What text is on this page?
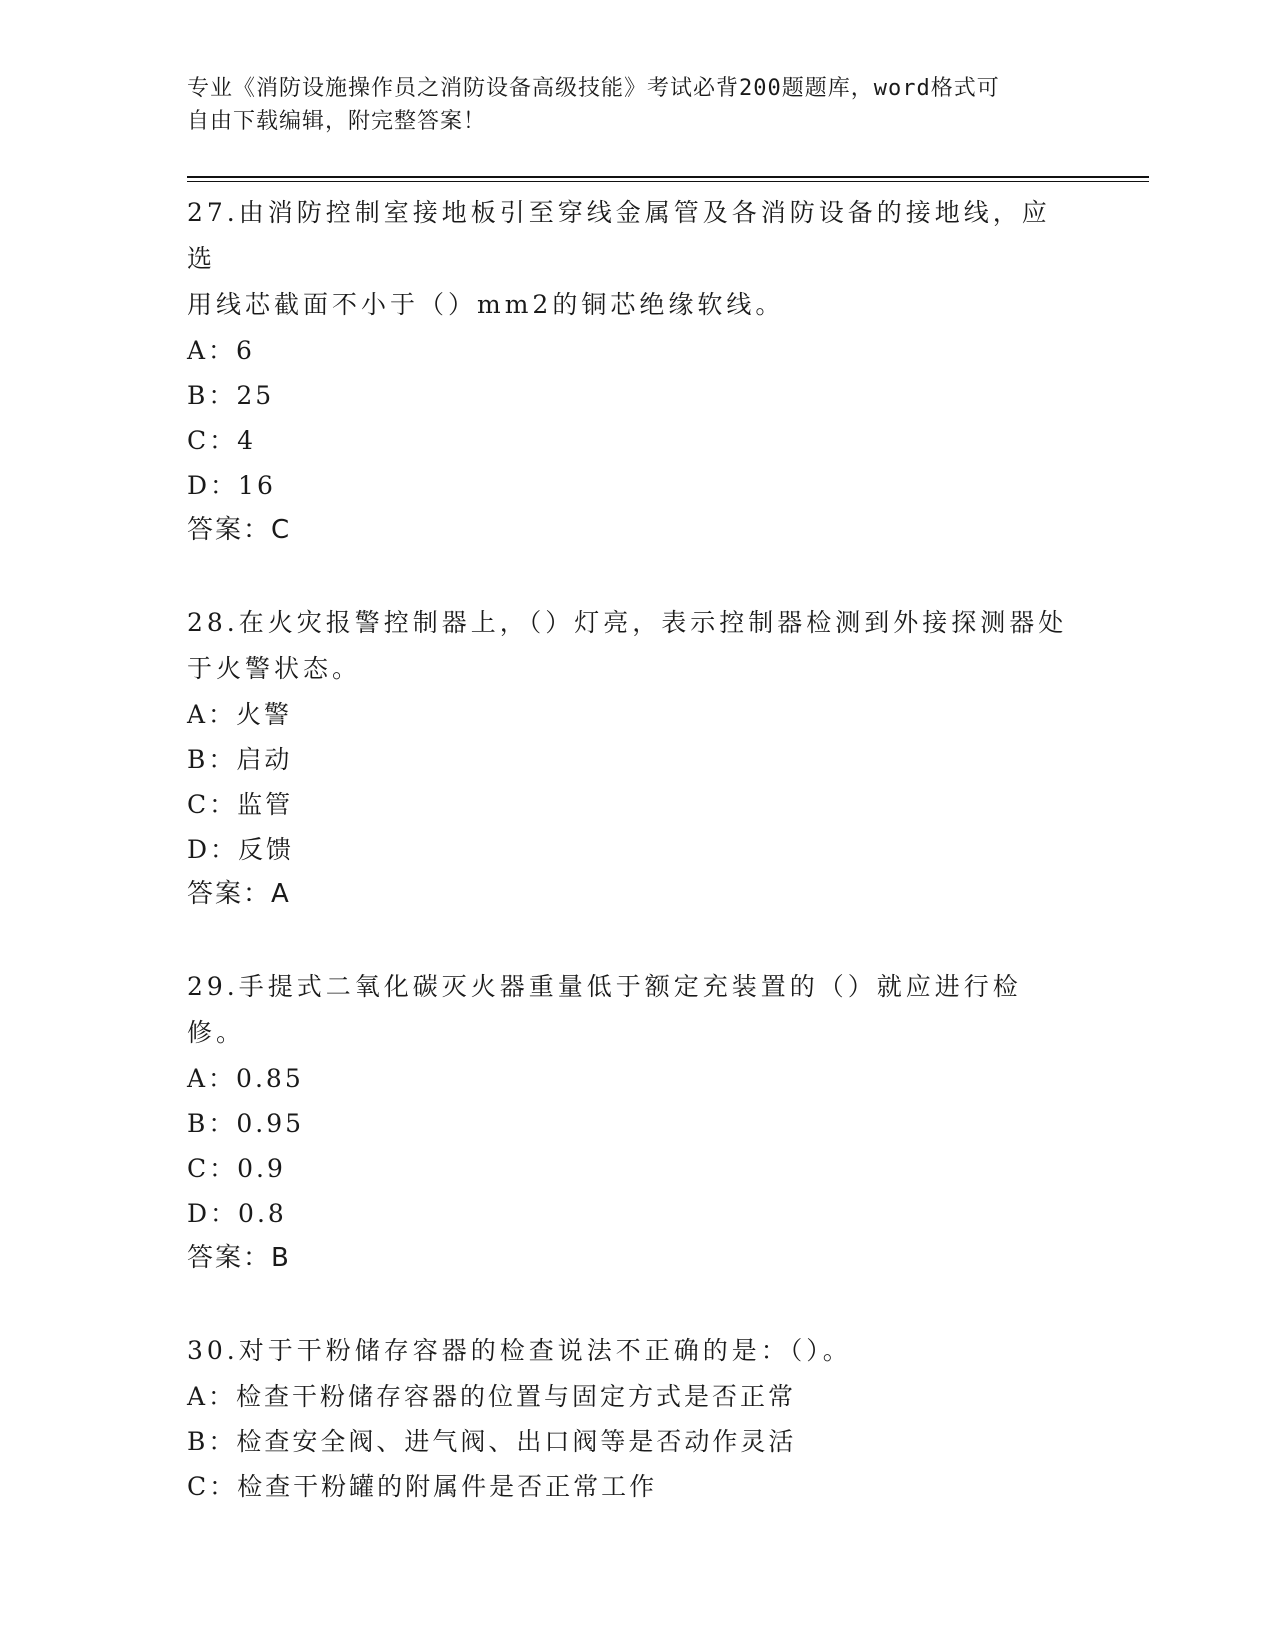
专业《消防设施操作员之消防设备高级技能》考试必背200题题库，word格式可
自由下载编辑，附完整答案！

27.由消防控制室接地板引至穿线金属管及各消防设备的接地线，应选

用线芯截面不小于（）mm2的铜芯绝缘软线。

A：6

B：25

C：4

D：16

答案：C

28.在火灾报警控制器上，（）灯亮，表示控制器检测到外接探测器处

于火警状态。

A：火警

B：启动

C：监管

D：反馈

答案：A

29.手提式二氧化碳灭火器重量低于额定充装置的（）就应进行检修。

A：0.85

B：0.95

C：0.9

D：0.8

答案：B

30.对于干粉储存容器的检查说法不正确的是：（）。

A：检查干粉储存容器的位置与固定方式是否正常

B：检查安全阀、进气阀、出口阀等是否动作灵活

C：检查干粉罐的附属件是否正常工作
